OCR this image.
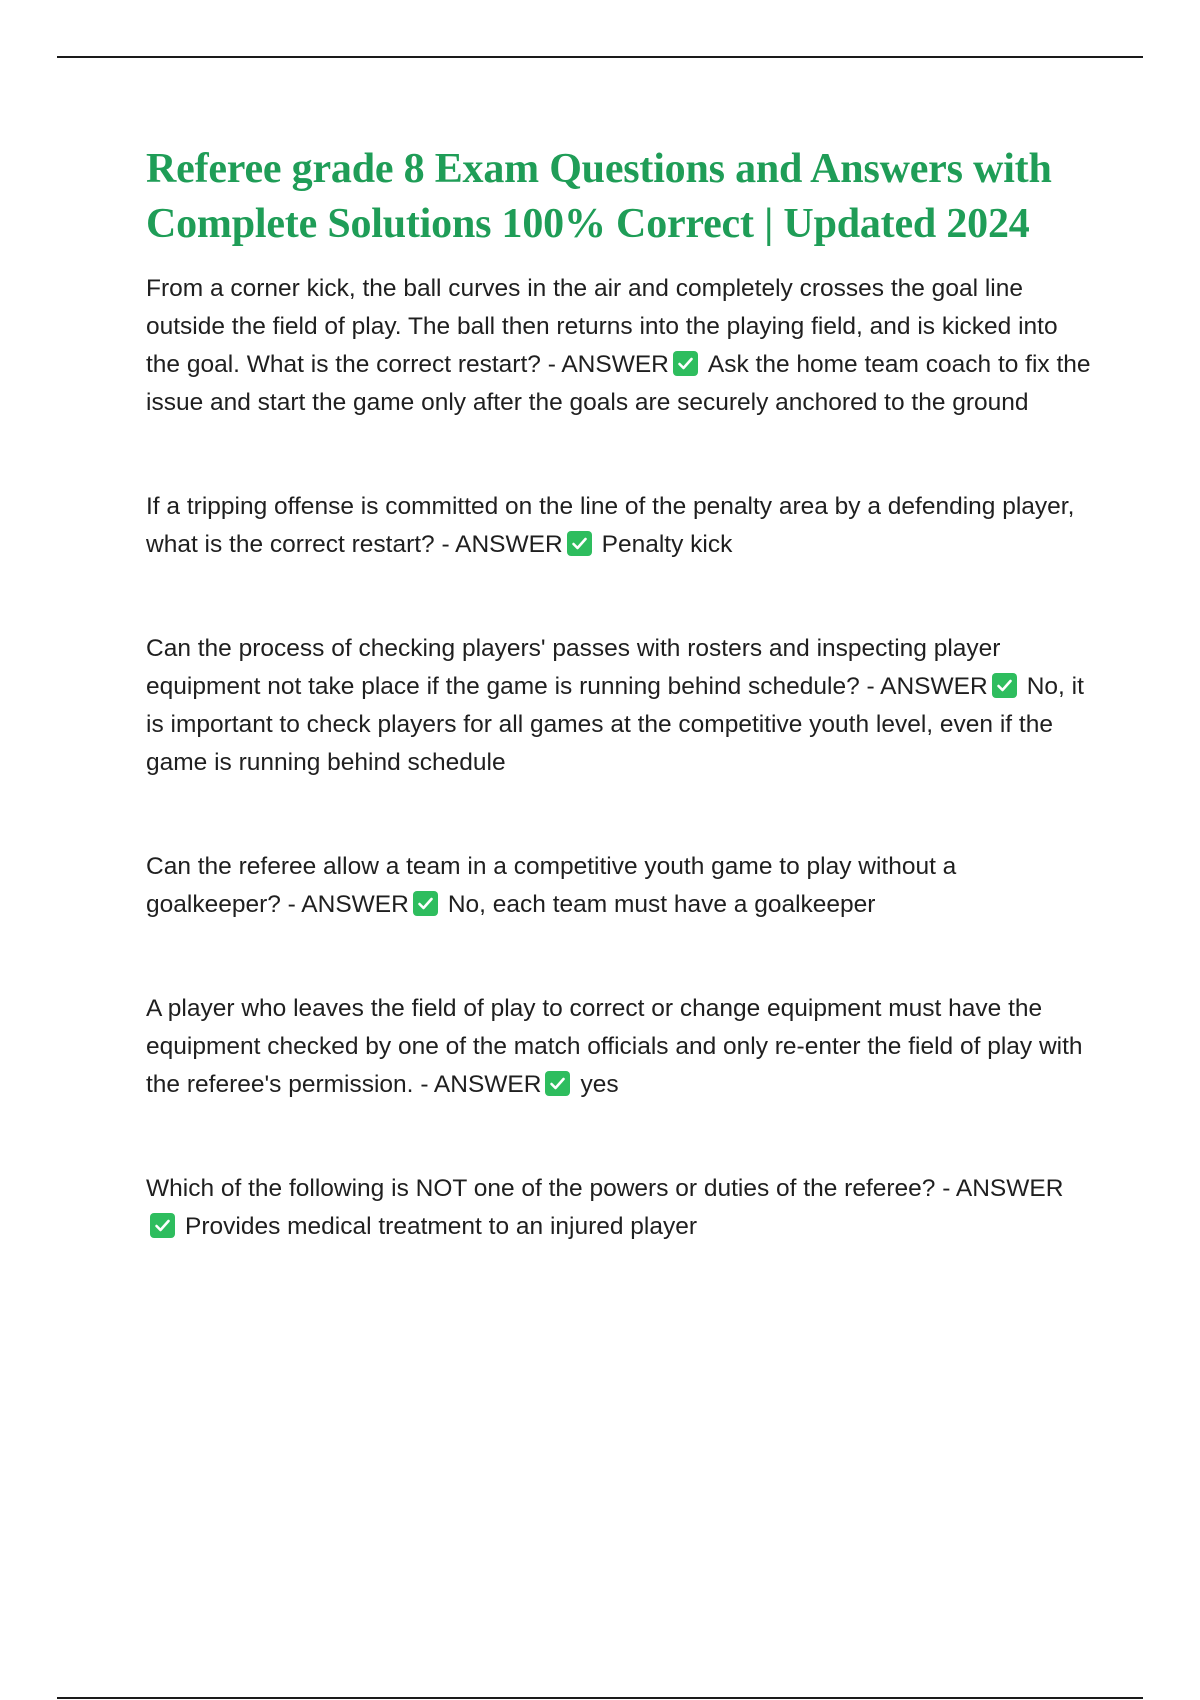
Referee grade 8 Exam Questions and Answers with Complete Solutions 100% Correct | Updated 2024
From a corner kick, the ball curves in the air and completely crosses the goal line outside the field of play. The ball then returns into the playing field, and is kicked into the goal. What is the correct restart? - ANSWER Ask the home team coach to fix the issue and start the game only after the goals are securely anchored to the ground
If a tripping offense is committed on the line of the penalty area by a defending player, what is the correct restart? - ANSWER Penalty kick
Can the process of checking players' passes with rosters and inspecting player equipment not take place if the game is running behind schedule? - ANSWER No, it is important to check players for all games at the competitive youth level, even if the game is running behind schedule
Can the referee allow a team in a competitive youth game to play without a goalkeeper? - ANSWER No, each team must have a goalkeeper
A player who leaves the field of play to correct or change equipment must have the equipment checked by one of the match officials and only re-enter the field of play with the referee's permission. - ANSWER yes
Which of the following is NOT one of the powers or duties of the referee? - ANSWER
Provides medical treatment to an injured player
